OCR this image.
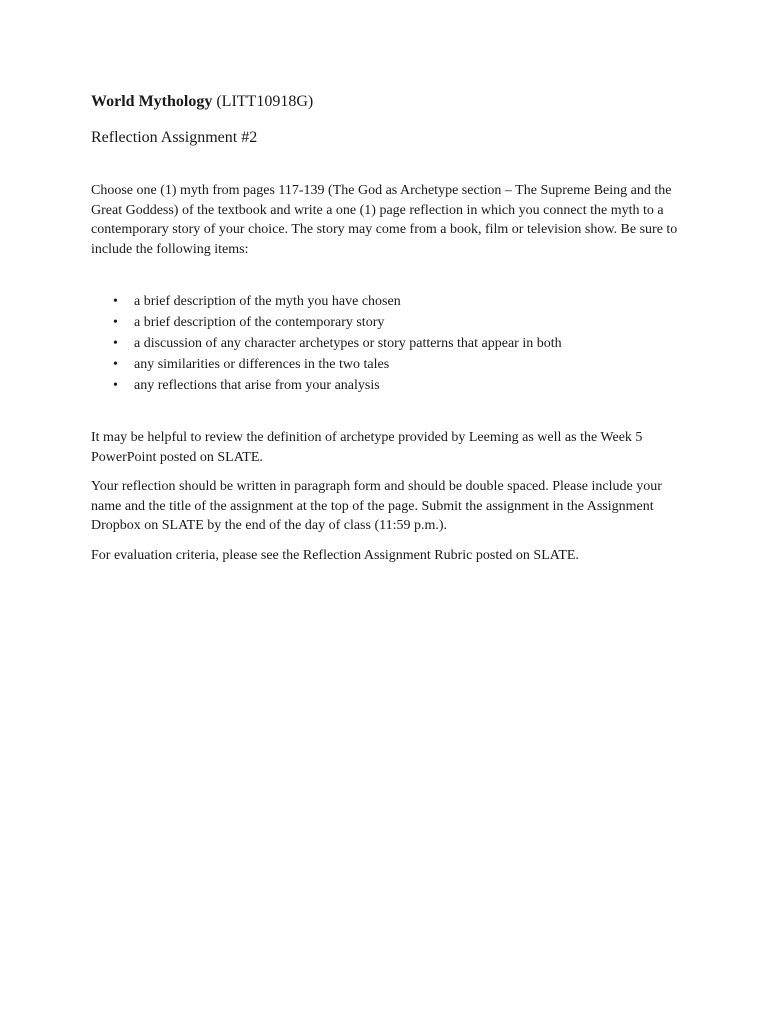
World Mythology (LITT10918G)

Reflection Assignment #2

Choose one (1) myth from pages 117-139 (The God as Archetype section – The Supreme Being and the Great Goddess) of the textbook and write a one (1) page reflection in which you connect the myth to a contemporary story of your choice. The story may come from a book, film or television show. Be sure to include the following items:

• a brief description of the myth you have chosen
• a brief description of the contemporary story
• a discussion of any character archetypes or story patterns that appear in both
• any similarities or differences in the two tales
• any reflections that arise from your analysis

It may be helpful to review the definition of archetype provided by Leeming as well as the Week 5 PowerPoint posted on SLATE.

Your reflection should be written in paragraph form and should be double spaced. Please include your name and the title of the assignment at the top of the page. Submit the assignment in the Assignment Dropbox on SLATE by the end of the day of class (11:59 p.m.).

For evaluation criteria, please see the Reflection Assignment Rubric posted on SLATE.
